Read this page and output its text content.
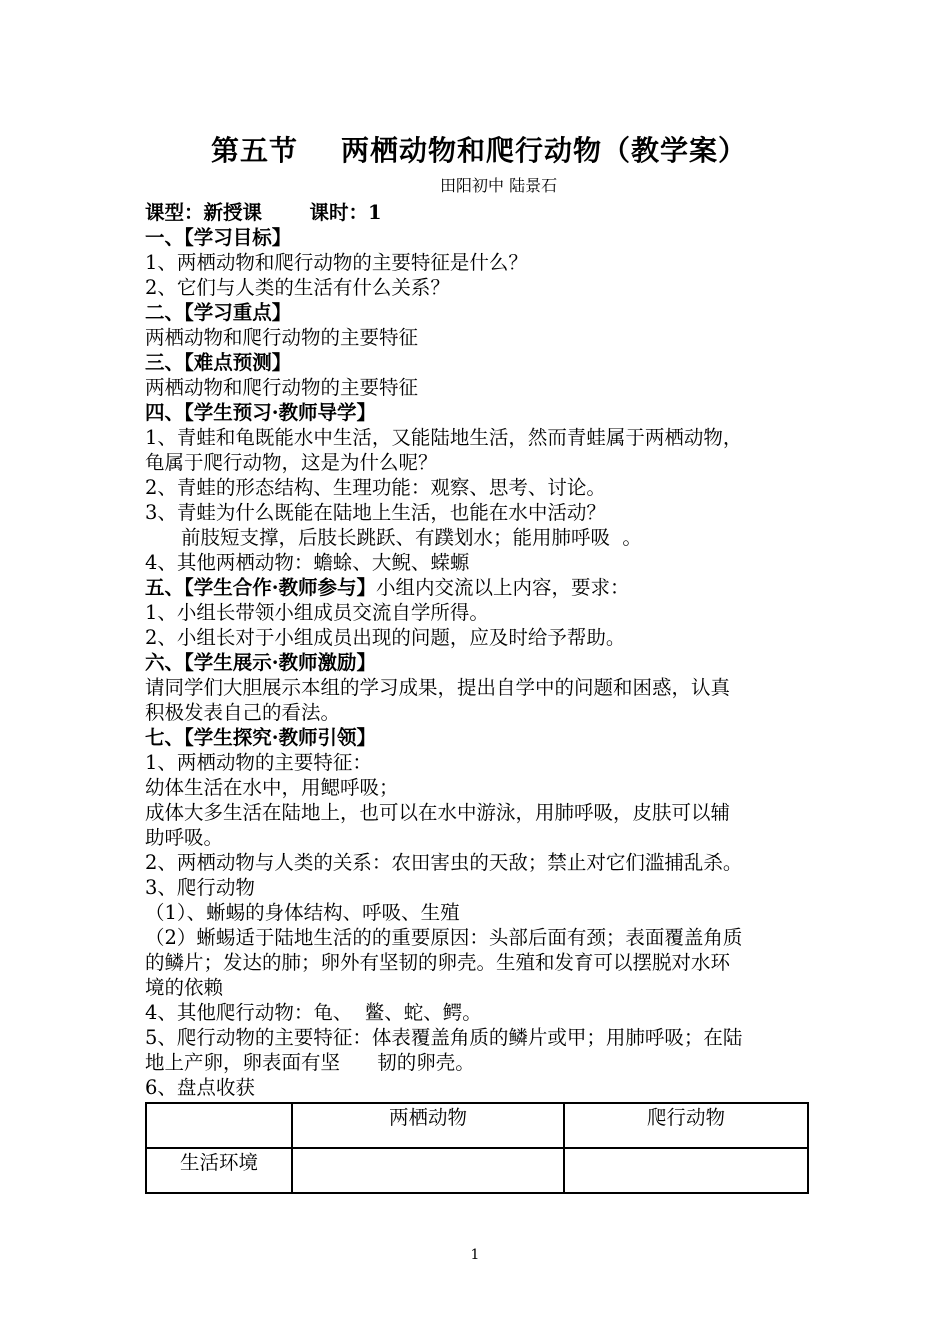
第五节    两栖动物和爬行动物（教学案）
田阳初中 陆景石
课型：新授课       课时：1
一、【学习目标】
1、两栖动物和爬行动物的主要特征是什么？
2、它们与人类的生活有什么关系？
二、【学习重点】
两栖动物和爬行动物的主要特征
三、【难点预测】
两栖动物和爬行动物的主要特征
四、【学生预习·教师导学】
1、青蛙和龟既能水中生活，又能陆地生活，然而青蛙属于两栖动物，
龟属于爬行动物，这是为什么呢？
2、青蛙的形态结构、生理功能：观察、思考、讨论。
3、青蛙为什么既能在陆地上生活，也能在水中活动？
前肢短支撑，后肢长跳跃、有蹼划水；能用肺呼吸  。
4、其他两栖动物：蟾蜍、大鲵、蝾螈
五、【学生合作·教师参与】小组内交流以上内容，要求：
1、小组长带领小组成员交流自学所得。
2、小组长对于小组成员出现的问题，应及时给予帮助。
六、【学生展示·教师激励】
请同学们大胆展示本组的学习成果，提出自学中的问题和困惑，认真
积极发表自己的看法。
七、【学生探究·教师引领】
1、两栖动物的主要特征：
幼体生活在水中，用鳃呼吸；
成体大多生活在陆地上，也可以在水中游泳，用肺呼吸，皮肤可以辅
助呼吸。
2、两栖动物与人类的关系：农田害虫的天敌；禁止对它们滥捕乱杀。
3、爬行动物
（1）、蜥蜴的身体结构、呼吸、生殖
（2）蜥蜴适于陆地生活的的重要原因：头部后面有颈；表面覆盖角质
的鳞片；发达的肺；卵外有坚韧的卵壳。生殖和发育可以摆脱对水环
境的依赖
4、其他爬行动物：龟、  鳖、蛇、鳄。
5、爬行动物的主要特征：体表覆盖角质的鳞片或甲；用肺呼吸；在陆
地上产卵，卵表面有坚      韧的卵壳。
6、盘点收获
	两栖动物	爬行动物
生活环境		
1
